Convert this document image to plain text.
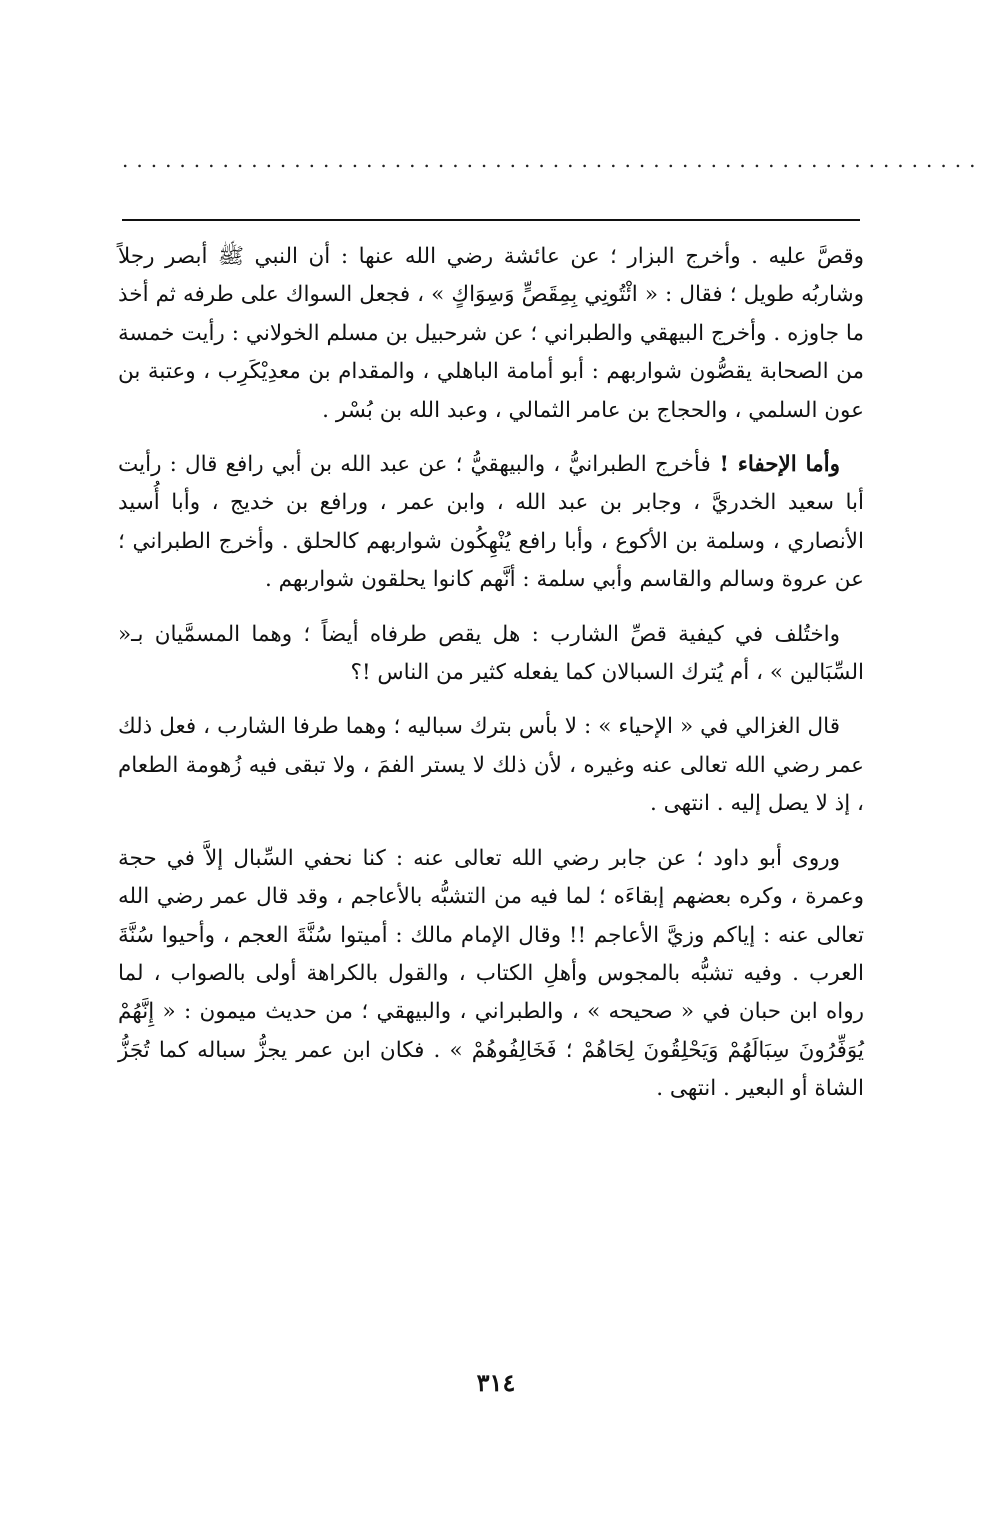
............................................................

وقصَّ عليه . وأخرج البزار ؛ عن عائشة رضي الله عنها : أن النبي ﷺ أبصر رجلاً وشاربُه طويل ؛ فقال : « ائْتُونِي بِمِقَصٍّ وَسِوَاكٍ » ، فجعل السواك على طرفه ثم أخذ ما جاوزه . وأخرج البيهقي والطبراني ؛ عن شرحبيل بن مسلم الخولاني : رأيت خمسة من الصحابة يقصُّون شواربهم : أبو أمامة الباهلي ، والمقدام بن معدِيْكَرِب ، وعتبة بن عون السلمي ، والحجاج بن عامر الثمالي ، وعبد الله بن بُسْر .

وأما الإحفاء ! فأخرج الطبرانيُّ ، والبيهقيُّ ؛ عن عبد الله بن أبي رافع قال : رأيت أبا سعيد الخدريَّ ، وجابر بن عبد الله ، وابن عمر ، ورافع بن خديج ، وأبا أُسيد الأنصاري ، وسلمة بن الأكوع ، وأبا رافع يُنْهِكُون شواربهم كالحلق . وأخرج الطبراني ؛ عن عروة وسالم والقاسم وأبي سلمة : أنَّهم كانوا يحلقون شواربهم .

واختُلف في كيفية قصِّ الشارب : هل يقص طرفاه أيضاً ؛ وهما المسمَّيان بـ« السِّبَالين » ، أم يُترك السبالان كما يفعله كثير من الناس !؟

قال الغزالي في « الإحياء » : لا بأس بترك سباليه ؛ وهما طرفا الشارب ، فعل ذلك عمر رضي الله تعالى عنه وغيره ، لأن ذلك لا يستر الفمَ ، ولا تبقى فيه زُهومة الطعام ، إذ لا يصل إليه . انتهى .

وروى أبو داود ؛ عن جابر رضي الله تعالى عنه : كنا نحفي السِّبال إلاَّ في حجة وعمرة ، وكره بعضهم إبقاءَه ؛ لما فيه من التشبُّه بالأعاجم ، وقد قال عمر رضي الله تعالى عنه : إياكم وزيَّ الأعاجم !! وقال الإمام مالك : أميتوا سُنَّةَ العجم ، وأحيوا سُنَّةَ العرب . وفيه تشبُّه بالمجوس وأهلِ الكتاب ، والقول بالكراهة أولى بالصواب ، لما رواه ابن حبان في « صحيحه » ، والطبراني ، والبيهقي ؛ من حديث ميمون : « إِنَّهُمْ يُوَفِّرُونَ سِبَالَهُمْ وَيَحْلِقُونَ لِحَاهُمْ ؛ فَخَالِفُوهُمْ » . فكان ابن عمر يجزُّ سباله كما تُجَزُّ الشاة أو البعير . انتهى .

٣١٤
